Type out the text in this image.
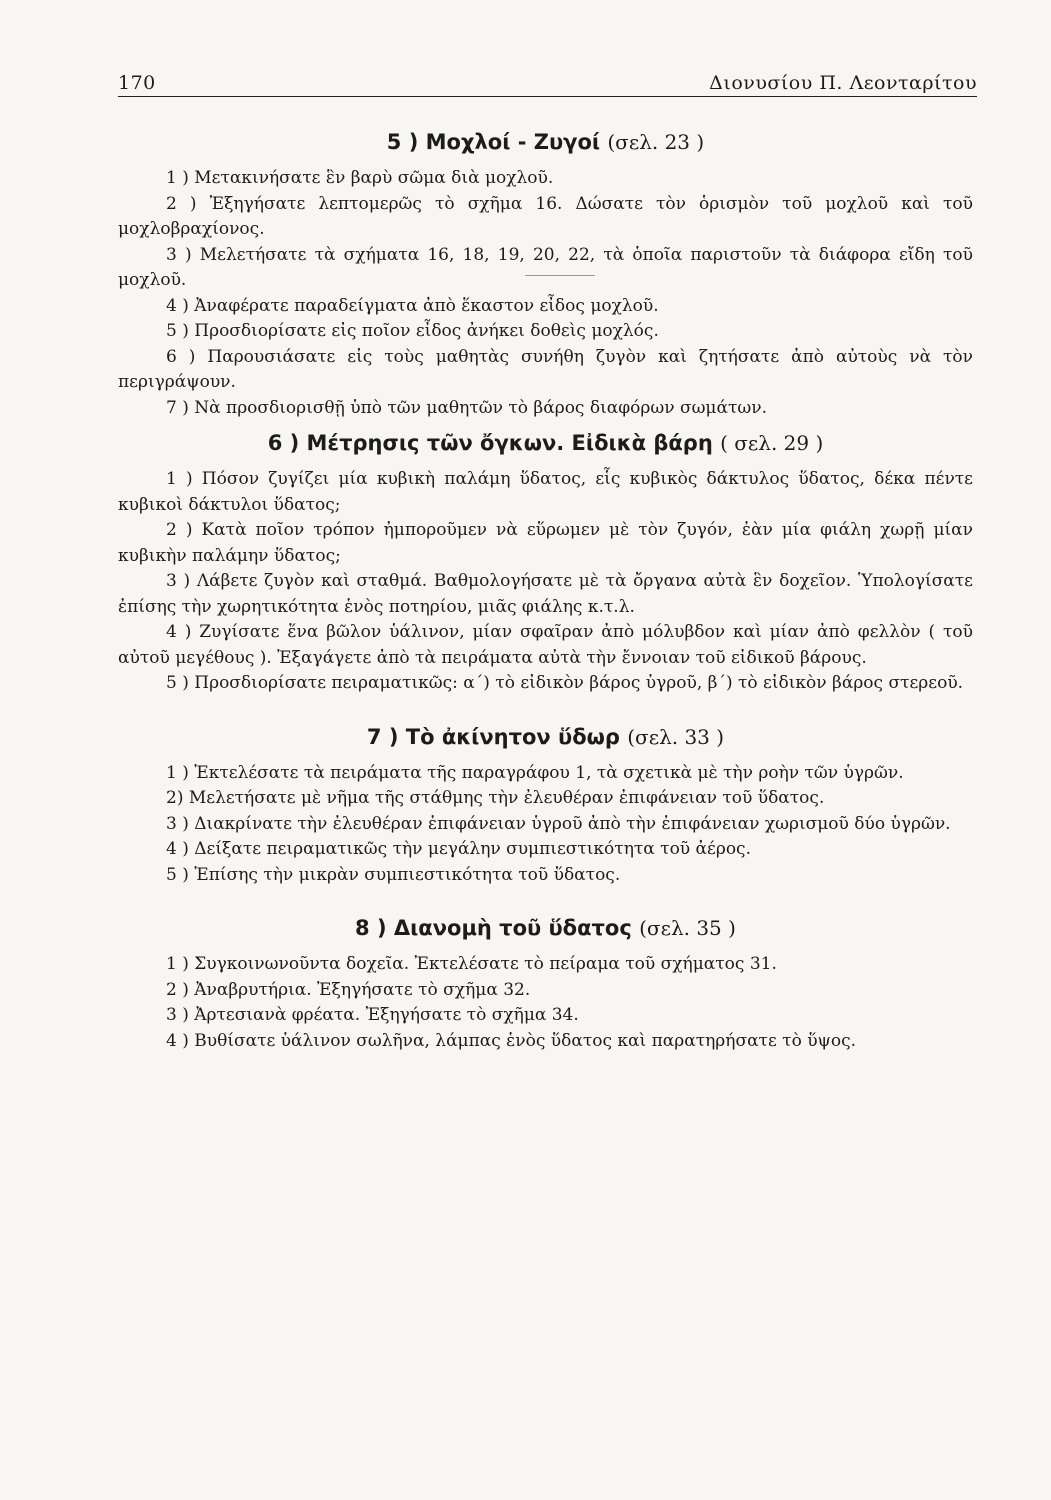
170	Διονυσίου Π. Λεονταρίτου
5 ) Μοχλοί - Ζυγοί (σελ. 23 )

1 ) Μετακινήσατε ἓν βαρὺ σῶμα διὰ μοχλοῦ.

2 ) Ἐξηγήσατε λεπτομερῶς τὸ σχῆμα 16. Δώσατε τὸν ὁρισμὸν τοῦ μοχλοῦ καὶ τοῦ μοχλοβραχίονος.

3 ) Μελετήσατε τὰ σχήματα 16, 18, 19, 20, 22, τὰ ὁποῖα παριστοῦν τὰ διάφορα εἴδη τοῦ μοχλοῦ.

4 ) Ἀναφέρατε παραδείγματα ἀπὸ ἕκαστον εἶδος μοχλοῦ.

5 ) Προσδιορίσατε εἰς ποῖον εἶδος ἀνήκει δοθεὶς μοχλός.

6 ) Παρουσιάσατε εἰς τοὺς μαθητὰς συνήθη ζυγὸν καὶ ζητήσατε ἀπὸ αὐτοὺς νὰ τὸν περιγράψουν.

7 ) Νὰ προσδιορισθῇ ὑπὸ τῶν μαθητῶν τὸ βάρος διαφόρων σωμάτων.

6 ) Μέτρησις τῶν ὄγκων. Εἰδικὰ βάρη ( σελ. 29 )

1 ) Πόσον ζυγίζει μία κυβικὴ παλάμη ὕδατος, εἷς κυβικὸς δάκτυλος ὕδατος, δέκα πέντε κυβικοὶ δάκτυλοι ὕδατος;

2 ) Κατὰ ποῖον τρόπον ἠμποροῦμεν νὰ εὕρωμεν μὲ τὸν ζυγόν, ἐὰν μία φιάλη χωρῇ μίαν κυβικὴν παλάμην ὕδατος;

3 ) Λάβετε ζυγὸν καὶ σταθμά. Βαθμολογήσατε μὲ τὰ ὄργανα αὐτὰ ἓν δοχεῖον. Ὑπολογίσατε ἐπίσης τὴν χωρητικότητα ἑνὸς ποτηρίου, μιᾶς φιάλης κ.τ.λ.

4 ) Ζυγίσατε ἕνα βῶλον ὑάλινον, μίαν σφαῖραν ἀπὸ μόλυβδον καὶ μίαν ἀπὸ φελλὸν ( τοῦ αὐτοῦ μεγέθους ). Ἐξαγάγετε ἀπὸ τὰ πειράματα αὐτὰ τὴν ἔννοιαν τοῦ εἰδικοῦ βάρους.

5 ) Προσδιορίσατε πειραματικῶς: α΄) τὸ εἰδικὸν βάρος ὑγροῦ, β΄) τὸ εἰδικὸν βάρος στερεοῦ.

7 ) Τὸ ἀκίνητον ὕδωρ (σελ. 33 )

1 ) Ἐκτελέσατε τὰ πειράματα τῆς παραγράφου 1, τὰ σχετικὰ μὲ τὴν ροὴν τῶν ὑγρῶν.

2) Μελετήσατε μὲ νῆμα τῆς στάθμης τὴν ἐλευθέραν ἐπιφάνειαν τοῦ ὕδατος.

3 ) Διακρίνατε τὴν ἐλευθέραν ἐπιφάνειαν ὑγροῦ ἀπὸ τὴν ἐπιφάνειαν χωρισμοῦ δύο ὑγρῶν.

4 ) Δείξατε πειραματικῶς τὴν μεγάλην συμπιεστικότητα τοῦ ἀέρος.

5 ) Ἐπίσης τὴν μικρὰν συμπιεστικότητα τοῦ ὕδατος.

8 ) Διανομὴ τοῦ ὕδατος (σελ. 35 )

1 ) Συγκοινωνοῦντα δοχεῖα. Ἐκτελέσατε τὸ πείραμα τοῦ σχήματος 31.

2 ) Ἀναβρυτήρια. Ἐξηγήσατε τὸ σχῆμα 32.

3 ) Ἀρτεσιανὰ φρέατα. Ἐξηγήσατε τὸ σχῆμα 34.

4 ) Βυθίσατε ὑάλινον σωλῆνα, λάμπας ἑνὸς ὕδατος καὶ παρατηρήσατε τὸ ὕψος.
